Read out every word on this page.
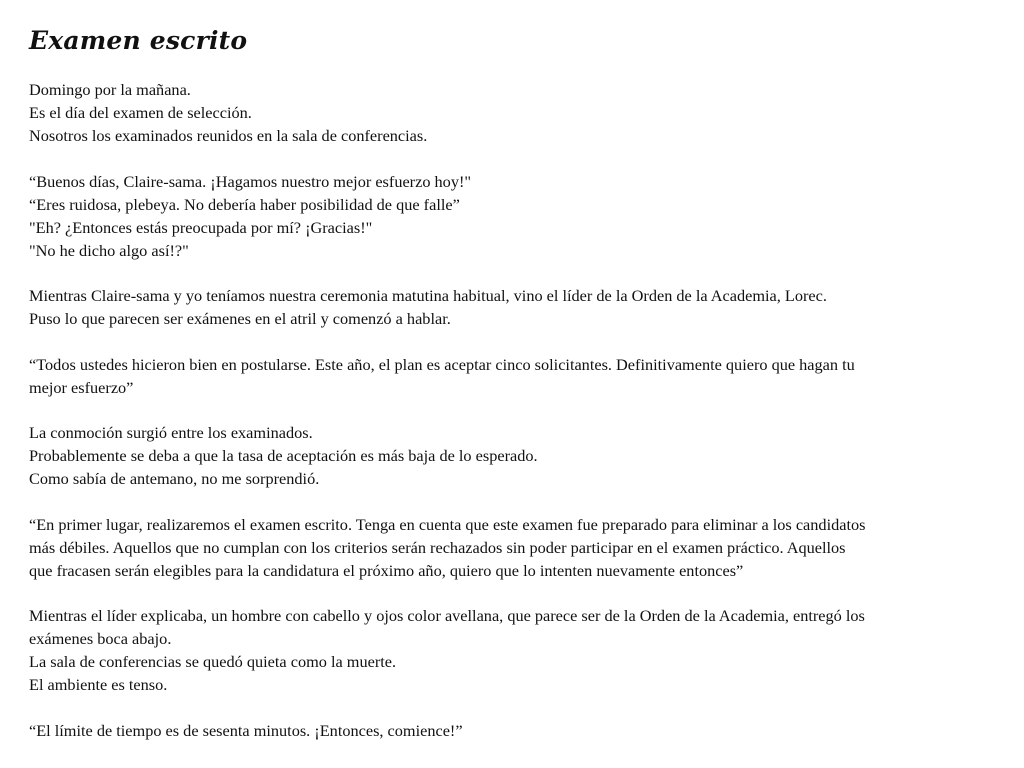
Examen escrito
Domingo por la mañana.
Es el día del examen de selección.
Nosotros los examinados reunidos en la sala de conferencias.
“Buenos días, Claire-sama. ¡Hagamos nuestro mejor esfuerzo hoy!"
“Eres ruidosa, plebeya. No debería haber posibilidad de que falle”
"Eh? ¿Entonces estás preocupada por mí? ¡Gracias!"
"No he dicho algo así!?"
Mientras Claire-sama y yo teníamos nuestra ceremonia matutina habitual, vino el líder de la Orden de la Academia, Lorec.
Puso lo que parecen ser exámenes en el atril y comenzó a hablar.
“Todos ustedes hicieron bien en postularse. Este año, el plan es aceptar cinco solicitantes. Definitivamente quiero que hagan tu
mejor esfuerzo”
La conmoción surgió entre los examinados.
Probablemente se deba a que la tasa de aceptación es más baja de lo esperado.
Como sabía de antemano, no me sorprendió.
“En primer lugar, realizaremos el examen escrito. Tenga en cuenta que este examen fue preparado para eliminar a los candidatos
más débiles. Aquellos que no cumplan con los criterios serán rechazados sin poder participar en el examen práctico. Aquellos
que fracasen serán elegibles para la candidatura el próximo año, quiero que lo intenten nuevamente entonces”
Mientras el líder explicaba, un hombre con cabello y ojos color avellana, que parece ser de la Orden de la Academia, entregó los
exámenes boca abajo.
La sala de conferencias se quedó quieta como la muerte.
El ambiente es tenso.
“El límite de tiempo es de sesenta minutos. ¡Entonces, comience!”
